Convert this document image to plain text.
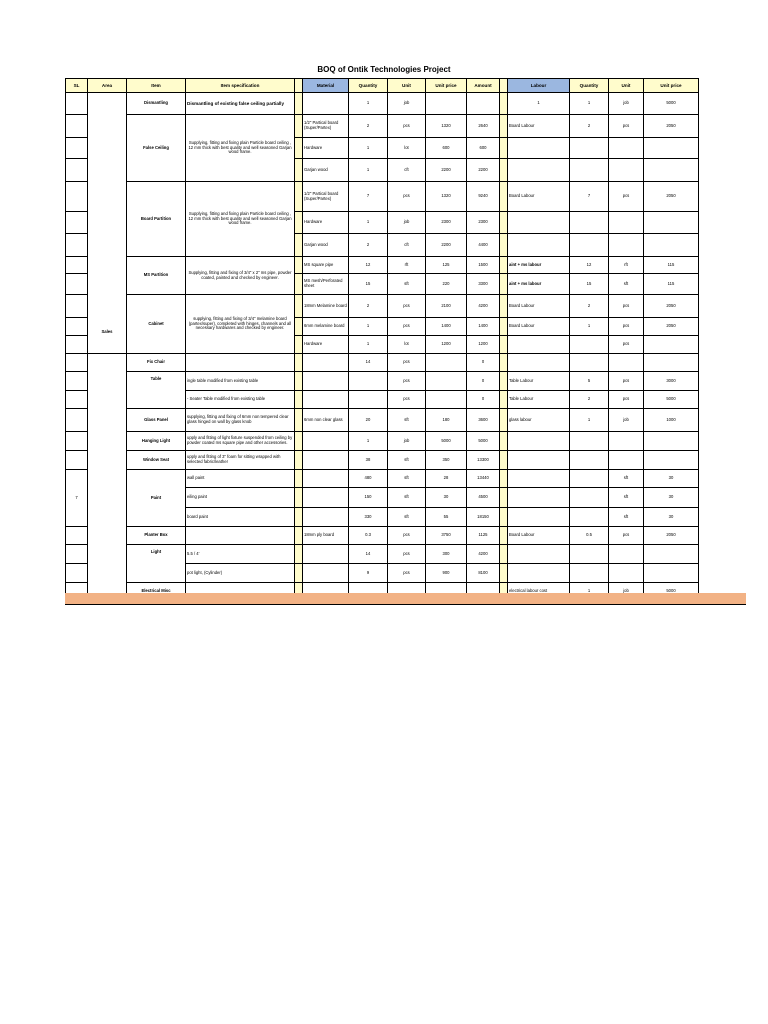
BOQ of Ontik Technologies Project
SL	Area	Item	Item specification		Material	Quantity	Unit	Unit price	Amount		Labour	Quantity	Unit	Unit price
		Dismantling	Dismantling of existing false ceiling partially			1	job				1	1	job	5000
		False Ceiling	Supplying, fitting and fixing plain Particle board ceiling , 12 mm thick with best quality and well seasoned Garjan wood frame.		1/2" Partical board (Super/Partex)	2	pcs	1320	2640		Board Labour	2	pcs	2050
					Hardware	1	lot	600	600					
					Garjan wood	1	cft	2200	2200					
		Board Partition	Supplying, fitting and fixing plain Particle board ceiling , 12 mm thick with best quality and well seasoned Garjan wood frame.		1/2" Partical board (Super/Partex)	7	pcs	1320	9240		Board Labour	7	pcs	2050
					Hardware	1	job	2300	2300					
					Garjan wood	2	cft	2200	4400					
		MS Partition	Supplying, fitting and fixing of 3/4" x 2" ms pipe, powder coated, painted and checked by engineer.		MS square pipe	12	rft	125	1500		aint + ms labour	12	rft	115
					MS mesh/Perforated sheet	15	sft	220	3300		aint + ms labour	15	sft	115
		Cabinet	supplying, fitting and fixing of 3/4" melamine board (partex/super), completed with hinges, channels and all necessary hardwares and checked by engineer.		18mm Melamine board	2	pcs	2100	4200		Board Labour	2	pcs	2050
					6mm melamine board	1	pcs	1400	1400		Board Labour	1	pcs	2050
					Hardware	1	lot	1200	1200				pcs	
	Sales	Fix Chair				14	pcs		0					
		Table	ingle table modified from existing table				pcs		0		Table Labour	5	pcs	3000
			- Seater Table modified from existing table				pcs		0		Table Labour	2	pcs	5000
		Glass Panel	supplying, fitting and fixing of 6mm non tempered clear glass hinged on wall by glass knob		6mm non clear glass	20	sft	180	3600		glass labour	1	job	1000
		Hanging Light	upply and fitting of light fixture suspended from ceiling by powder coated ms square pipe and other accessories.			1	job	5000	5000					
		Window Seat	upply and fitting of 3" foam for sitting wrapped with selected fabric/leather			38	sft	350	13300					
7		Paint	wall paint			480	sft	28	13440				sft	30
			eiling paint			150	sft	30	4500				sft	30
			board paint			330	sft	55	18150				sft	30
		Planter Box			18mm ply board	0.3	pcs	3750	1125		Board Labour	0.5	pcs	2050
		Light	5.5 / 4'			14	pcs	300	4200					
			pot light, (Cylinder)			9	pcs	900	8100					
		Electrical Misc									electrical labour cost	1	job	5000
